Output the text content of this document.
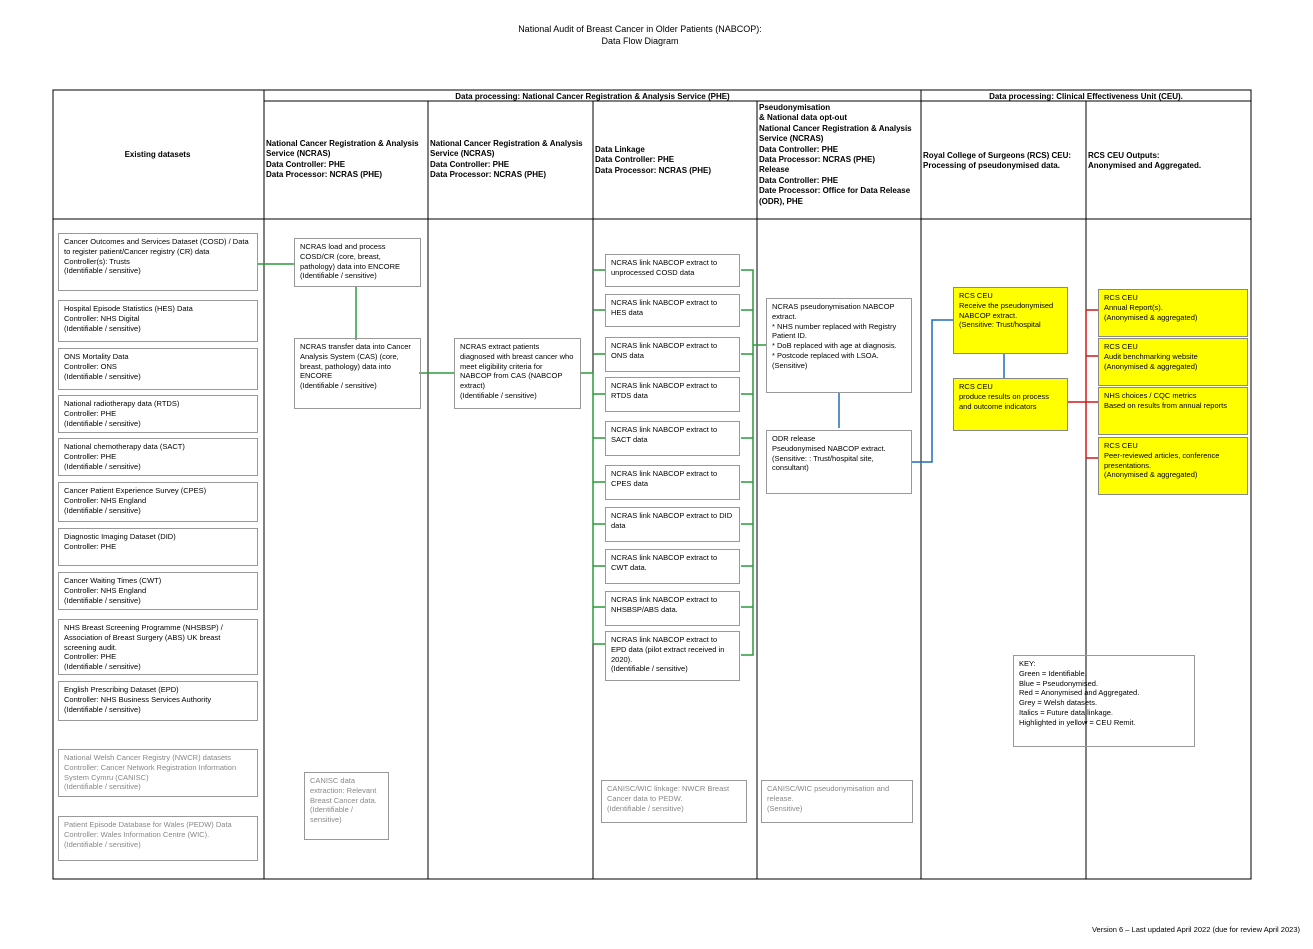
National Audit of Breast Cancer in Older Patients (NABCOP):
Data Flow Diagram
Data processing: National Cancer Registration & Analysis Service (PHE)	Data processing: Clinical Effectiveness Unit (CEU).
Existing datasets
National Cancer Registration & Analysis Service (NCRAS)
Data Controller: PHE
Data Processor: NCRAS (PHE)
National Cancer Registration & Analysis Service (NCRAS)
Data Controller: PHE
Data Processor: NCRAS (PHE)
Data Linkage
Data Controller: PHE
Data Processor: NCRAS (PHE)
Pseudonymisation
& National data opt-out
National Cancer Registration & Analysis Service (NCRAS)
Data Controller: PHE
Data Processor: NCRAS (PHE)
Release
Data Controller: PHE
Date Processor: Office for Data Release (ODR), PHE
Royal College of Surgeons (RCS) CEU:
Processing of pseudonymised data.
RCS CEU Outputs:
Anonymised and Aggregated.
Cancer Outcomes and Services Dataset (COSD) / Data to register patient/Cancer registry (CR) data
Controller(s): Trusts
(Identifiable / sensitive)
Hospital Episode Statistics (HES) Data
Controller: NHS Digital
(Identifiable / sensitive)
ONS Mortality Data
Controller: ONS
(Identifiable / sensitive)
National radiotherapy data (RTDS)
Controller: PHE
(Identifiable / sensitive)
National chemotherapy data (SACT)
Controller: PHE
(Identifiable / sensitive)
Cancer Patient Experience Survey (CPES)
Controller: NHS England
(Identifiable / sensitive)
Diagnostic Imaging Dataset (DID)
Controller: PHE
Cancer Waiting Times (CWT)
Controller: NHS England
(Identifiable / sensitive)
NHS Breast Screening Programme (NHSBSP) / Association of Breast Surgery (ABS) UK breast screening audit.
Controller: PHE
(Identifiable / sensitive)
English Prescribing Dataset (EPD)
Controller: NHS Business Services Authority
(Identifiable / sensitive)
National Welsh Cancer Registry (NWCR) datasets
Controller: Cancer Network Registration Information System Cymru (CANISC)
(Identifiable / sensitive)
Patient Episode Database for Wales (PEDW) Data
Controller: Wales Information Centre (WIC).
(Identifiable / sensitive)
NCRAS load and process COSD/CR (core, breast, pathology) data into ENCORE
(Identifiable / sensitive)
NCRAS transfer data into Cancer Analysis System (CAS) (core, breast, pathology) data into ENCORE
(Identifiable / sensitive)
NCRAS extract patients diagnosed with breast cancer who meet eligibility criteria for NABCOP from CAS (NABCOP extract)
(Identifiable / sensitive)
CANISC data extraction: Relevant Breast Cancer data.
(Identifiable / sensitive)
NCRAS link NABCOP extract to unprocessed COSD data
NCRAS link NABCOP extract to HES data
NCRAS link NABCOP extract to ONS data
NCRAS link NABCOP extract to RTDS data
NCRAS link NABCOP extract to SACT data
NCRAS link NABCOP extract to CPES data
NCRAS link NABCOP extract to DID data
NCRAS link NABCOP extract to CWT data.
NCRAS link NABCOP extract to NHSBSP/ABS data.
NCRAS link NABCOP extract to EPD data (pilot extract received in 2020).
(Identifiable / sensitive)
CANISC/WIC linkage: NWCR Breast Cancer data to PEDW.
(Identifiable / sensitive)
NCRAS pseudonymisation NABCOP extract.
* NHS number replaced with Registry Patient ID.
* DoB replaced with age at diagnosis.
* Postcode replaced with LSOA.
(Sensitive)
ODR release
Pseudonymised NABCOP extract.
(Sensitive: : Trust/hospital site, consultant)
CANISC/WIC pseudonymisation and release.
(Sensitive)
RCS CEU
Receive the pseudonymised NABCOP extract.
(Sensitive: Trust/hospital
RCS CEU
produce results on process and outcome indicators
RCS CEU
Annual Report(s).
(Anonymised & aggregated)
RCS CEU
Audit benchmarking website
(Anonymised & aggregated)
NHS choices / CQC metrics
Based on results from annual reports
RCS CEU
Peer-reviewed articles, conference presentations.
(Anonymised & aggregated)
KEY:
Green = Identifiable.
Blue = Pseudonymised.
Red = Anonymised and Aggregated.
Grey = Welsh datasets.
Italics = Future data linkage.
Highlighted in yellow = CEU Remit.
Version 6 – Last updated April 2022 (due for review April 2023)
